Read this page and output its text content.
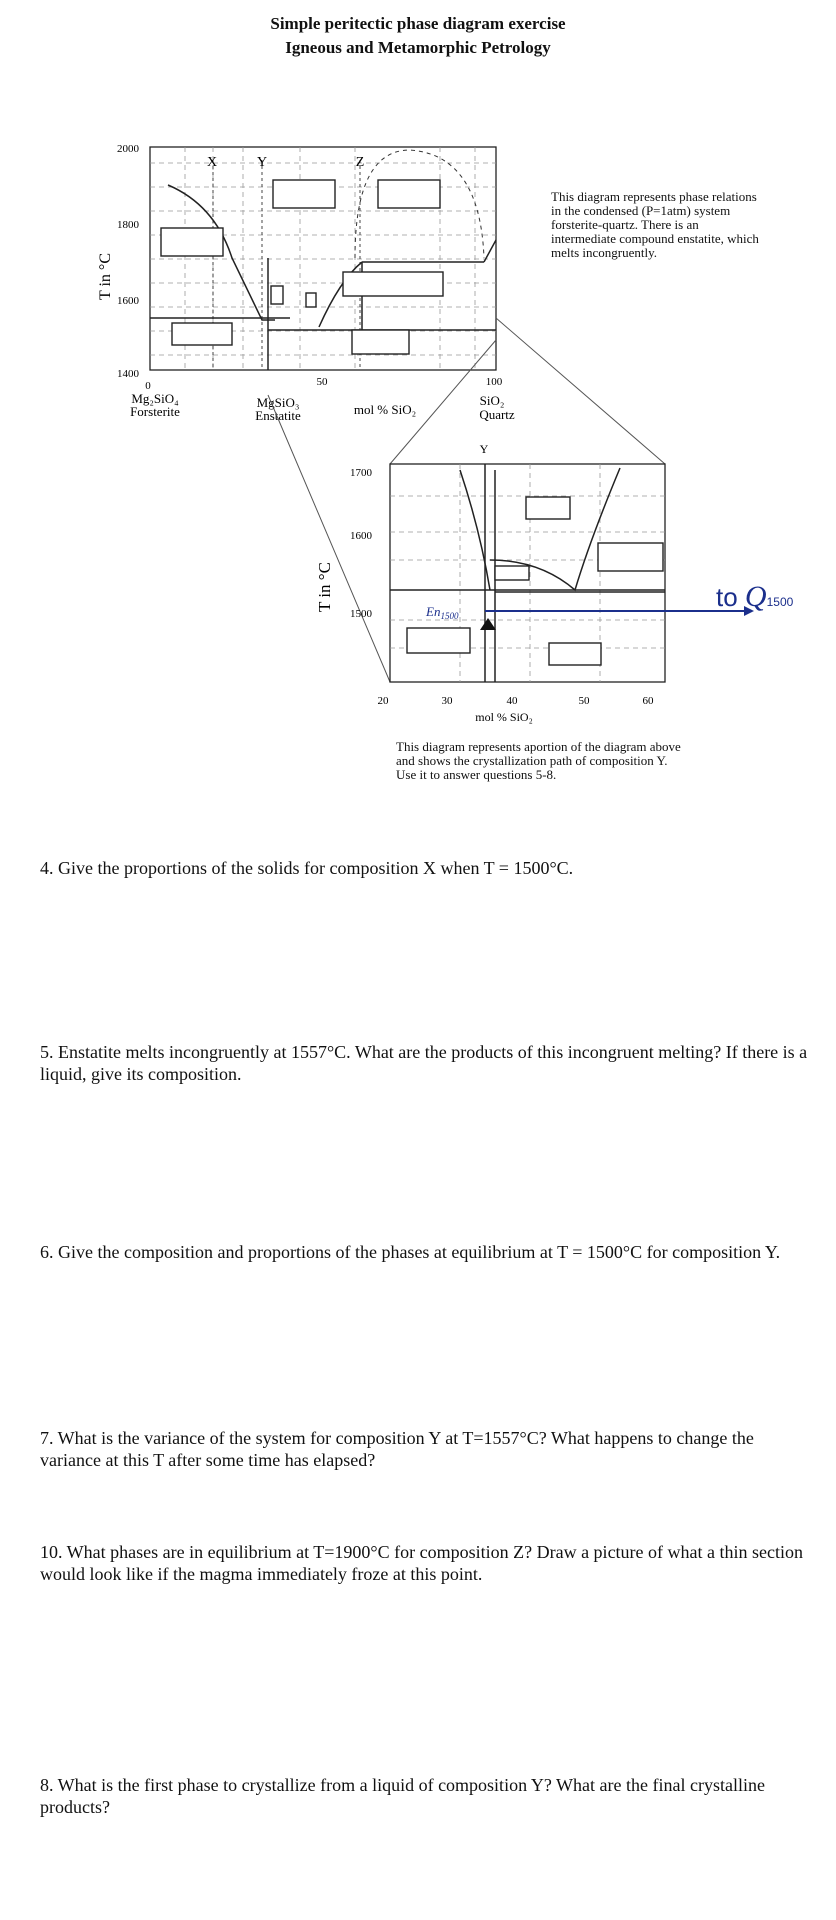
Simple peritectic phase diagram exercise
Igneous and Metamorphic Petrology
X	Y	Z
2000
1800
1600
1400
T in °C
0	50	100
Mg₂SiO₄
Forsterite
MgSiO₃
Enstatite	mol % SiO₂
SiO₂
Quartz
Y
$En_{1500}$
1700
1600
1500
T in °C
20	30	40	50	60
mol % SiO₂
to Q1500
This diagram represents phase relations in the condensed (P=1atm) system forsterite-quartz. There is an intermediate compound enstatite, which melts incongruently.
This diagram represents aportion of the diagram above and shows the crystallization path of composition Y. Use it to answer questions 5-8.
4. Give the proportions of the solids for composition X when T = 1500°C.
5. Enstatite melts incongruently at 1557°C. What are the products of this incongruent melting? If there is a liquid, give its composition.
6. Give the composition and proportions of the phases at equilibrium at T = 1500°C for composition Y.
7. What is the variance of the system for composition Y at T=1557°C? What happens to change the variance at this T after some time has elapsed?
10. What phases are in equilibrium at T=1900°C for composition Z? Draw a picture of what a thin section would look like if the magma immediately froze at this point.
8. What is the first phase to crystallize from a liquid of composition Y? What are the final crystalline products?
